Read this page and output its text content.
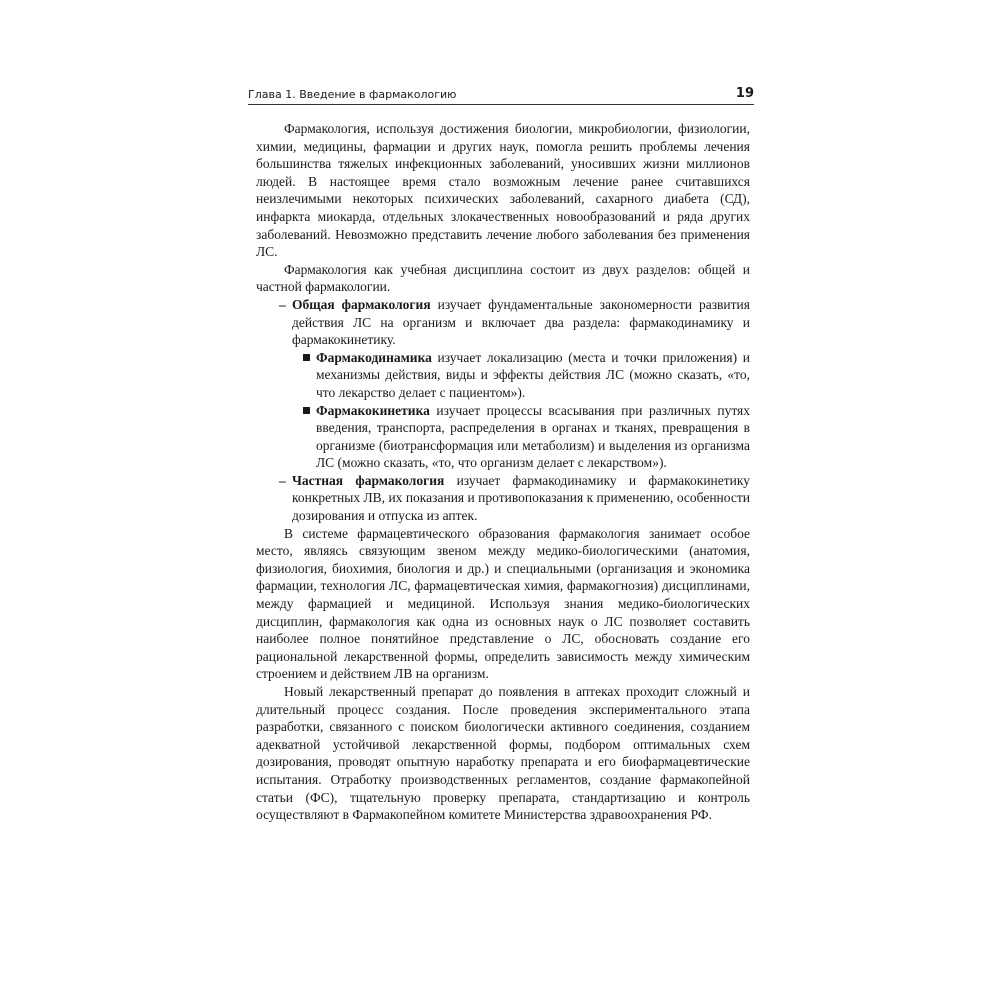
Глава 1. Введение в фармакологию	19

Фармакология, используя достижения биологии, микробиологии, физиологии, химии, медицины, фармации и других наук, помогла решить проблемы лечения большинства тяжелых инфекционных заболеваний, уносивших жизни миллионов людей. В настоящее время стало возможным лечение ранее считавшихся неизлечимыми некоторых психических заболеваний, сахарного диабета (СД), инфаркта миокарда, отдельных злокачественных новообразований и ряда других заболеваний. Невозможно представить лечение любого заболевания без применения ЛС.

Фармакология как учебная дисциплина состоит из двух разделов: общей и частной фармакологии.

– Общая фармакология изучает фундаментальные закономерности развития действия ЛС на организм и включает два раздела: фармакодинамику и фармакокинетику.
Фармакодинамика изучает локализацию (места и точки приложения) и механизмы действия, виды и эффекты действия ЛС (можно сказать, «то, что лекарство делает с пациентом»).
Фармакокинетика изучает процессы всасывания при различных путях введения, транспорта, распределения в органах и тканях, превращения в организме (биотрансформация или метаболизм) и выделения из организма ЛС (можно сказать, «то, что организм делает с лекарством»).
– Частная фармакология изучает фармакодинамику и фармакокинетику конкретных ЛВ, их показания и противопоказания к применению, особенности дозирования и отпуска из аптек.

В системе фармацевтического образования фармакология занимает особое место, являясь связующим звеном между медико-биологическими (анатомия, физиология, биохимия, биология и др.) и специальными (организация и экономика фармации, технология ЛС, фармацевтическая химия, фармакогнозия) дисциплинами, между фармацией и медициной. Используя знания медико-биологических дисциплин, фармакология как одна из основных наук о ЛС позволяет составить наиболее полное понятийное представление о ЛС, обосновать создание его рациональной лекарственной формы, определить зависимость между химическим строением и действием ЛВ на организм.

Новый лекарственный препарат до появления в аптеках проходит сложный и длительный процесс создания. После проведения экспериментального этапа разработки, связанного с поиском биологически активного соединения, созданием адекватной устойчивой лекарственной формы, подбором оптимальных схем дозирования, проводят опытную наработку препарата и его биофармацевтические испытания. Отработку производственных регламентов, создание фармакопейной статьи (ФС), тщательную проверку препарата, стандартизацию и контроль осуществляют в Фармакопейном комитете Министерства здравоохранения РФ.
